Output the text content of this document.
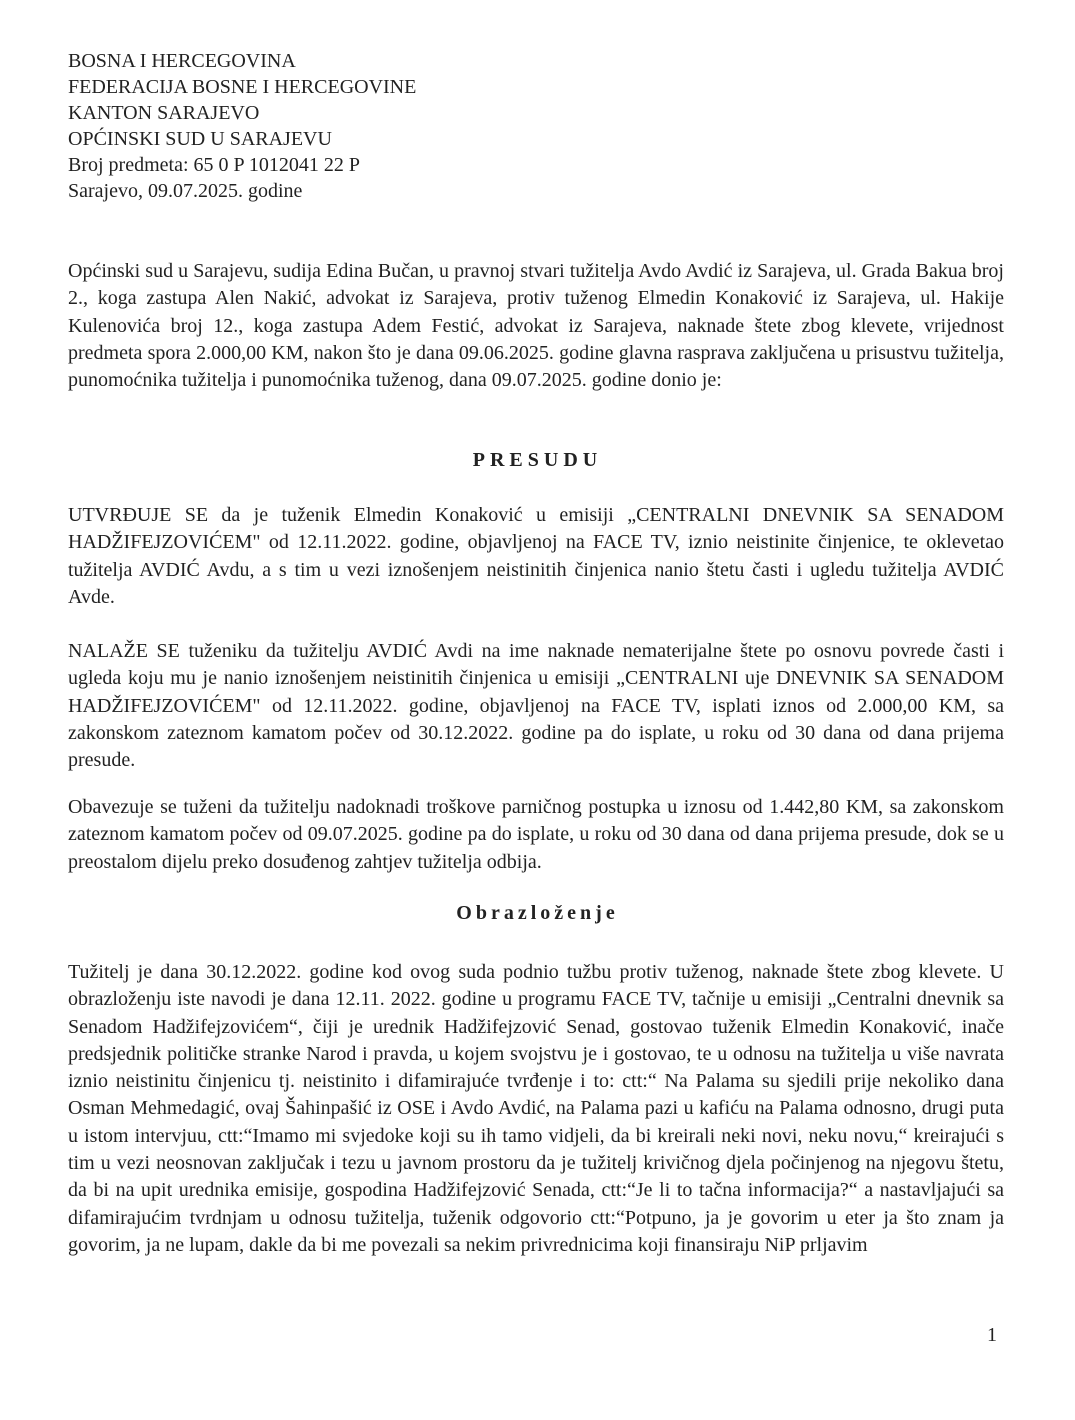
BOSNA I HERCEGOVINA
FEDERACIJA BOSNE I HERCEGOVINE
KANTON SARAJEVO
OPĆINSKI SUD U SARAJEVU
Broj predmeta: 65 0 P 1012041 22 P
Sarajevo, 09.07.2025. godine
Općinski sud u Sarajevu, sudija Edina Bučan, u pravnoj stvari tužitelja Avdo Avdić iz Sarajeva, ul. Grada Bakua broj 2., koga zastupa Alen Nakić, advokat iz Sarajeva, protiv tuženog Elmedin Konaković iz Sarajeva, ul. Hakije Kulenovića broj 12., koga zastupa Adem Festić, advokat iz Sarajeva, naknade štete zbog klevete, vrijednost predmeta spora 2.000,00 KM, nakon što je dana 09.06.2025. godine glavna rasprava zaključena u prisustvu tužitelja, punomoćnika tužitelja i punomoćnika tuženog, dana 09.07.2025. godine donio je:
PRESUDU
UTVRĐUJE SE da je tuženik Elmedin Konaković u emisiji „CENTRALNI DNEVNIK SA SENADOM HADŽIFEJZOVIĆEM" od 12.11.2022. godine, objavljenoj na FACE TV, iznio neistinite činjenice, te oklevetao tužitelja AVDIĆ Avdu, a s tim u vezi iznošenjem neistinitih činjenica nanio štetu časti i ugledu tužitelja AVDIĆ Avde.
NALAŽE SE tuženiku da tužitelju AVDIĆ Avdi na ime naknade nematerijalne štete po osnovu povrede časti i ugleda koju mu je nanio iznošenjem neistinitih činjenica u emisiji „CENTRALNI uje DNEVNIK SA SENADOM HADŽIFEJZOVIĆEM" od 12.11.2022. godine, objavljenoj na FACE TV, isplati iznos od 2.000,00 KM, sa zakonskom zateznom kamatom počev od 30.12.2022. godine pa do isplate, u roku od 30 dana od dana prijema presude.
Obavezuje se tuženi da tužitelju nadoknadi troškove parničnog postupka u iznosu od 1.442,80 KM, sa zakonskom zateznom kamatom počev od 09.07.2025. godine pa do isplate, u roku od 30 dana od dana prijema presude, dok se u preostalom dijelu preko dosuđenog zahtjev tužitelja odbija.
Obrazloženje
Tužitelj je dana 30.12.2022. godine kod ovog suda podnio tužbu protiv tuženog, naknade štete zbog klevete. U obrazloženju iste navodi je dana 12.11. 2022. godine u programu FACE TV, tačnije u emisiji „Centralni dnevnik sa Senadom Hadžifejzovićem“, čiji je urednik Hadžifejzović Senad, gostovao tuženik Elmedin Konaković, inače predsjednik političke stranke Narod i pravda, u kojem svojstvu je i gostovao, te u odnosu na tužitelja u više navrata iznio neistinitu činjenicu tj. neistinito i difamirajuće tvrđenje i to: ctt:“ Na Palama su sjedili prije nekoliko dana Osman Mehmedagić, ovaj Šahinpašić iz OSE i Avdo Avdić, na Palama pazi u kafiću na Palama odnosno, drugi puta u istom intervjuu, ctt:“Imamo mi svjedoke koji su ih tamo vidjeli, da bi kreirali neki novi, neku novu,“ kreirajući s tim u vezi neosnovan zaključak i tezu u javnom prostoru da je tužitelj krivičnog djela počinjenog na njegovu štetu, da bi na upit urednika emisije, gospodina Hadžifejzović Senada, ctt:“Je li to tačna informacija?“ a nastavljajući sa difamirajućim tvrdnjam u odnosu tužitelja, tuženik odgovorio ctt:“Potpuno, ja je govorim u eter ja što znam ja govorim, ja ne lupam, dakle da bi me povezali sa nekim privrednicima koji finansiraju NiP prljavim
1
